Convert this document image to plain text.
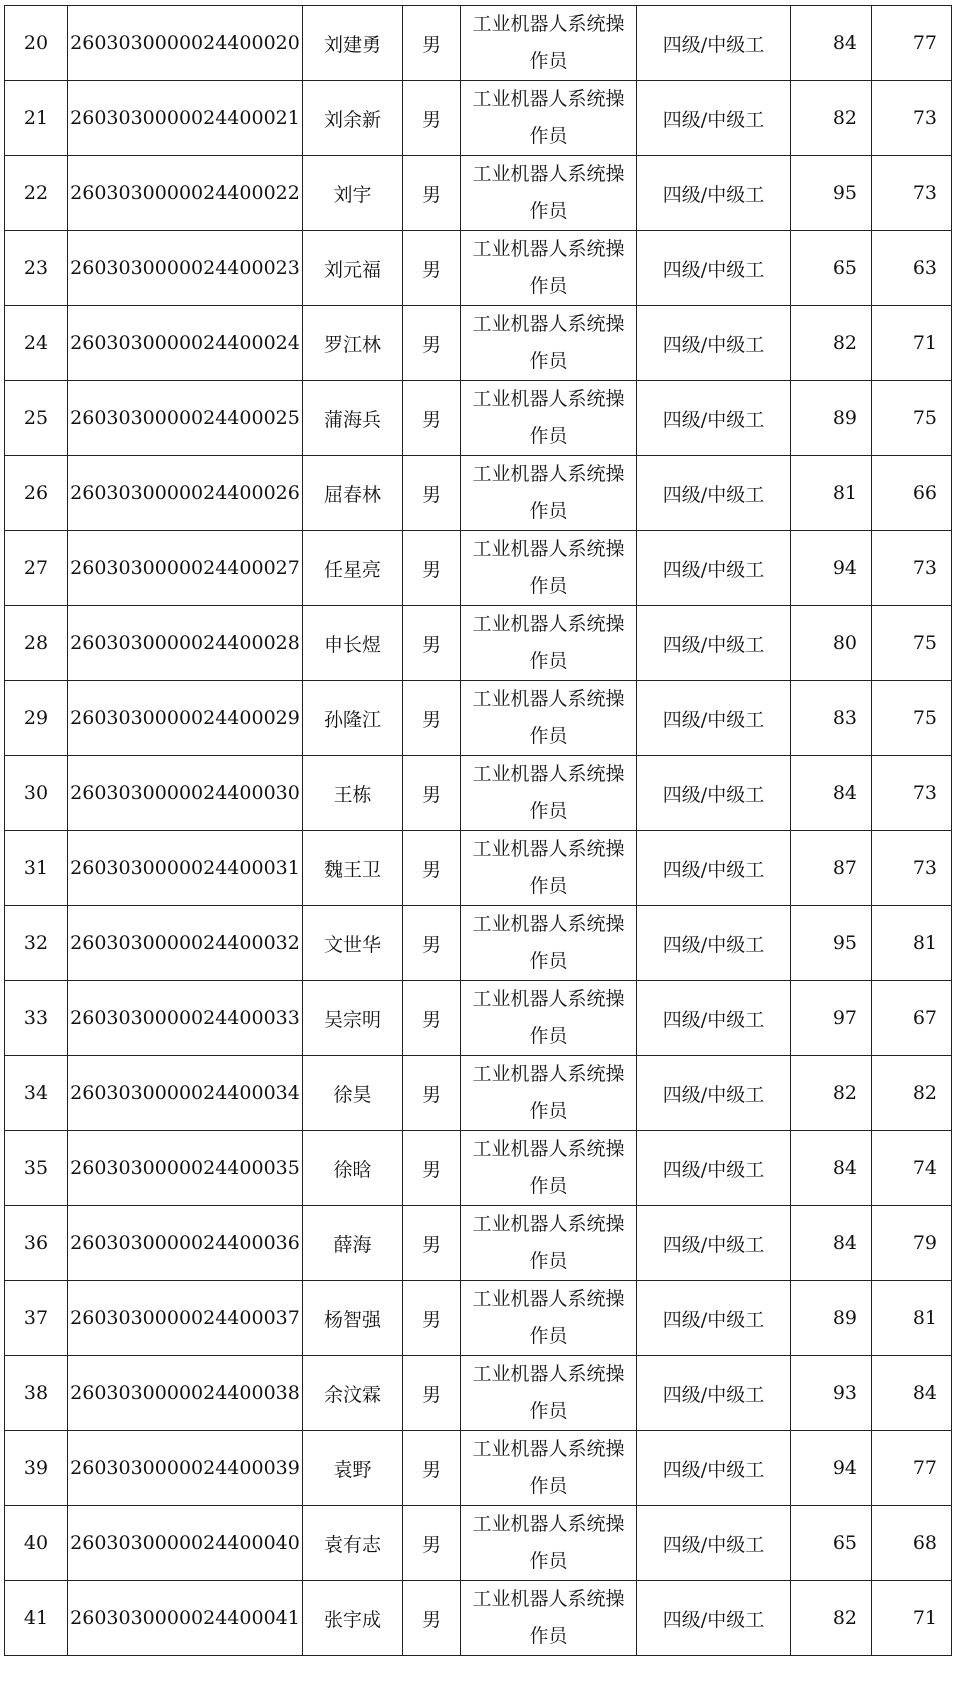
20	2603030000024400020	刘建勇	男	工业机器人系统操作员	四级/中级工	84	77
21	2603030000024400021	刘余新	男	工业机器人系统操作员	四级/中级工	82	73
22	2603030000024400022	刘宇	男	工业机器人系统操作员	四级/中级工	95	73
23	2603030000024400023	刘元福	男	工业机器人系统操作员	四级/中级工	65	63
24	2603030000024400024	罗江林	男	工业机器人系统操作员	四级/中级工	82	71
25	2603030000024400025	蒲海兵	男	工业机器人系统操作员	四级/中级工	89	75
26	2603030000024400026	屈春林	男	工业机器人系统操作员	四级/中级工	81	66
27	2603030000024400027	任星亮	男	工业机器人系统操作员	四级/中级工	94	73
28	2603030000024400028	申长煜	男	工业机器人系统操作员	四级/中级工	80	75
29	2603030000024400029	孙隆江	男	工业机器人系统操作员	四级/中级工	83	75
30	2603030000024400030	王栋	男	工业机器人系统操作员	四级/中级工	84	73
31	2603030000024400031	魏王卫	男	工业机器人系统操作员	四级/中级工	87	73
32	2603030000024400032	文世华	男	工业机器人系统操作员	四级/中级工	95	81
33	2603030000024400033	吴宗明	男	工业机器人系统操作员	四级/中级工	97	67
34	2603030000024400034	徐昊	男	工业机器人系统操作员	四级/中级工	82	82
35	2603030000024400035	徐晗	男	工业机器人系统操作员	四级/中级工	84	74
36	2603030000024400036	薛海	男	工业机器人系统操作员	四级/中级工	84	79
37	2603030000024400037	杨智强	男	工业机器人系统操作员	四级/中级工	89	81
38	2603030000024400038	余汶霖	男	工业机器人系统操作员	四级/中级工	93	84
39	2603030000024400039	袁野	男	工业机器人系统操作员	四级/中级工	94	77
40	2603030000024400040	袁有志	男	工业机器人系统操作员	四级/中级工	65	68
41	2603030000024400041	张宇成	男	工业机器人系统操作员	四级/中级工	82	71
